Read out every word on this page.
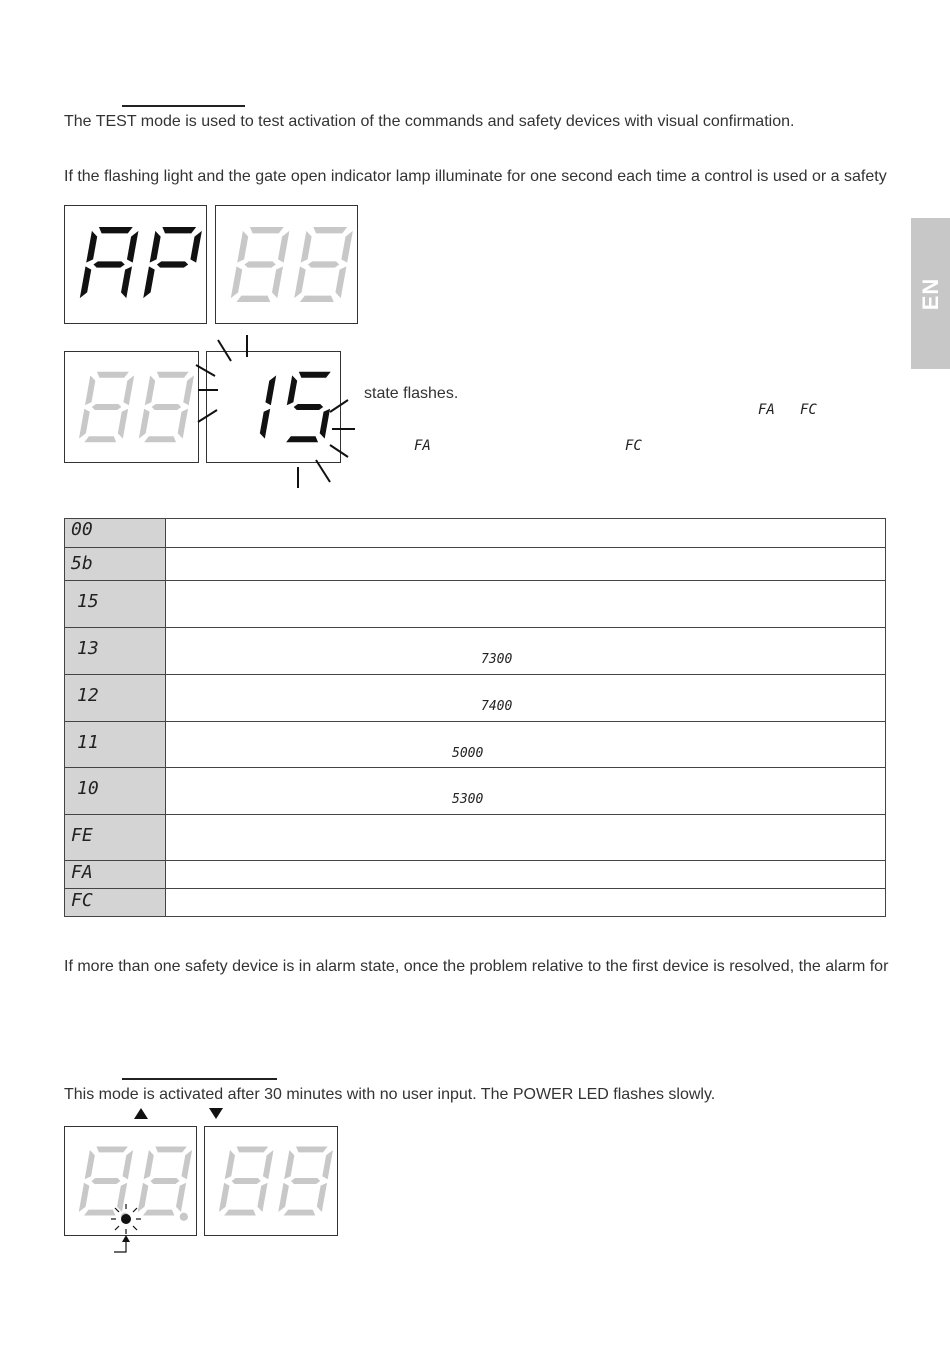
The TEST mode is used to test activation of the commands and safety devices with visual confirmation.
If the flashing light and the gate open indicator lamp illuminate for one second each time a control is used or a safety
EN
state flashes.
FA FC
FA	FC
00	
5b	
15	
13	7300

12	7400

11	5000

10	5300

FE	
FA	
FC	
If more than one safety device is in alarm state, once the problem relative to the first device is resolved, the alarm for
This mode is activated after 30 minutes with no user input. The POWER LED flashes slowly.
